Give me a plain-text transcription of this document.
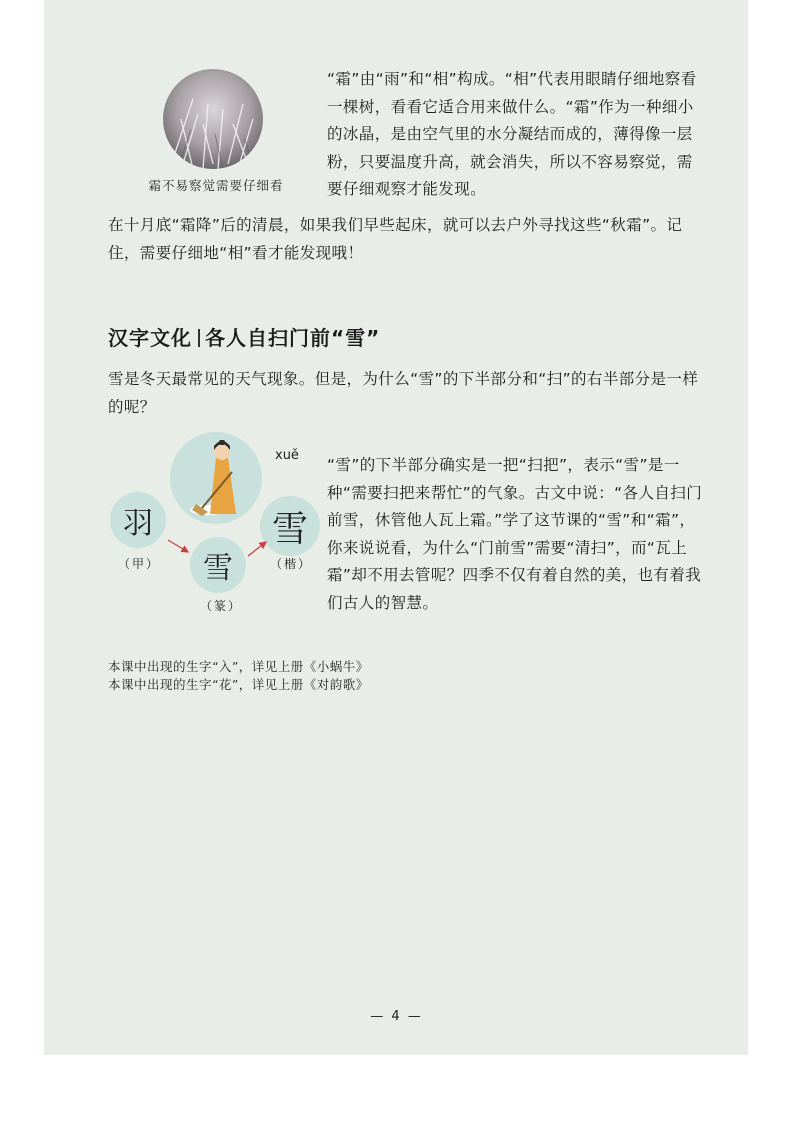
霜不易察觉需要仔细看
“霜”由“雨”和“相”构成。“相”代表用眼睛仔细地察看一棵树，看看它适合用来做什么。“霜”作为一种细小的冰晶，是由空气里的水分凝结而成的，薄得像一层粉，只要温度升高，就会消失，所以不容易察觉，需要仔细观察才能发现。
在十月底“霜降”后的清晨，如果我们早些起床，就可以去户外寻找这些“秋霜”。记住，需要仔细地“相”看才能发现哦！
汉字文化 各人自扫门前“雪”
雪是冬天最常见的天气现象。但是，为什么“雪”的下半部分和“扫”的右半部分是一样的呢？
xuě
羽
雪
雪
（甲）
（篆）
（楷）
“雪”的下半部分确实是一把“扫把”，表示“雪”是一种“需要扫把来帮忙”的气象。古文中说：“各人自扫门前雪，休管他人瓦上霜。”学了这节课的“雪”和“霜”，你来说说看，为什么“门前雪”需要“清扫”，而“瓦上霜”却不用去管呢？四季不仅有着自然的美，也有着我们古人的智慧。
本课中出现的生字“入”，详见上册《小蜗牛》
本课中出现的生字“花”，详见上册《对韵歌》
— 4 —
